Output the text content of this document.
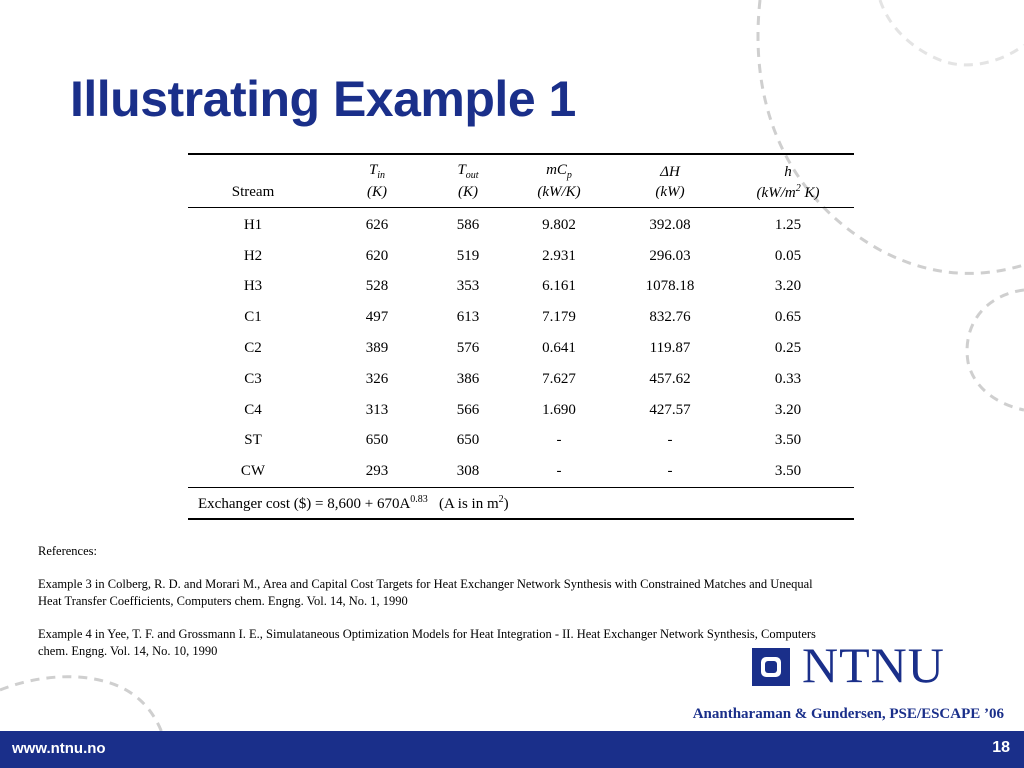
Illustrating Example 1
	$T_{in}$	$T_{out}$	$mC_p$	ΔH	h
Stream	(K)	(K)	(kW/K)	(kW)	($kW/m^2$ K)
H1	626	586	9.802	392.08	1.25
H2	620	519	2.931	296.03	0.05
H3	528	353	6.161	1078.18	3.20
C1	497	613	7.179	832.76	0.65
C2	389	576	0.641	119.87	0.25
C3	326	386	7.627	457.62	0.33
C4	313	566	1.690	427.57	3.20
ST	650	650	-	-	3.50
CW	293	308	-	-	3.50
Exchanger cost ($) = $8,600 + 670A^{0.83}$   (A is in $m^2$)					

References:

Example 3 in Colberg, R. D. and Morari M., Area and Capital Cost Targets for Heat Exchanger Network Synthesis with Constrained Matches and Unequal Heat Transfer Coefficients, Computers chem. Engng. Vol. 14, No. 1, 1990

Example 4 in Yee, T. F. and Grossmann I. E., Simulataneous Optimization Models for Heat Integration - II. Heat Exchanger Network Synthesis, Computers chem. Engng. Vol. 14, No. 10, 1990	NTNU
Anantharaman & Gundersen, PSE/ESCAPE ’06
www.ntnu.no	18
